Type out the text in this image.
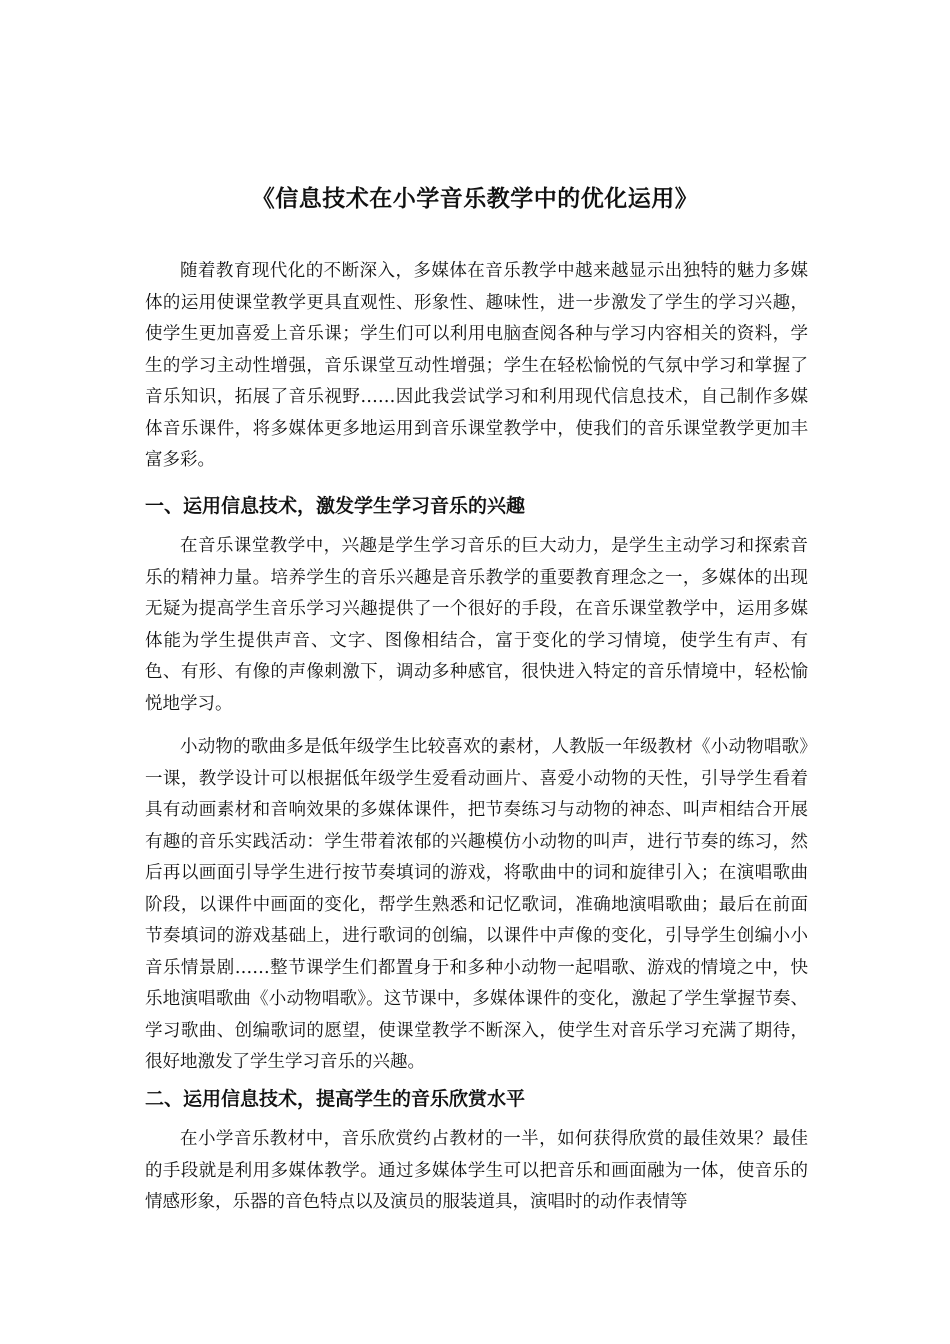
《信息技术在小学音乐教学中的优化运用》

随着教育现代化的不断深入，多媒体在音乐教学中越来越显示出独特的魅力多媒体的运用使课堂教学更具直观性、形象性、趣味性，进一步激发了学生的学习兴趣，使学生更加喜爱上音乐课；学生们可以利用电脑查阅各种与学习内容相关的资料，学生的学习主动性增强，音乐课堂互动性增强；学生在轻松愉悦的气氛中学习和掌握了音乐知识，拓展了音乐视野……因此我尝试学习和利用现代信息技术，自己制作多媒体音乐课件，将多媒体更多地运用到音乐课堂教学中，使我们的音乐课堂教学更加丰富多彩。

一、运用信息技术，激发学生学习音乐的兴趣

在音乐课堂教学中，兴趣是学生学习音乐的巨大动力，是学生主动学习和探索音乐的精神力量。培养学生的音乐兴趣是音乐教学的重要教育理念之一，多媒体的出现无疑为提高学生音乐学习兴趣提供了一个很好的手段，在音乐课堂教学中，运用多媒体能为学生提供声音、文字、图像相结合，富于变化的学习情境，使学生有声、有色、有形、有像的声像刺激下，调动多种感官，很快进入特定的音乐情境中，轻松愉悦地学习。

小动物的歌曲多是低年级学生比较喜欢的素材，人教版一年级教材《小动物唱歌》一课，教学设计可以根据低年级学生爱看动画片、喜爱小动物的天性，引导学生看着具有动画素材和音响效果的多媒体课件，把节奏练习与动物的神态、叫声相结合开展有趣的音乐实践活动：学生带着浓郁的兴趣模仿小动物的叫声，进行节奏的练习，然后再以画面引导学生进行按节奏填词的游戏，将歌曲中的词和旋律引入；在演唱歌曲阶段，以课件中画面的变化，帮学生熟悉和记忆歌词，准确地演唱歌曲；最后在前面节奏填词的游戏基础上，进行歌词的创编，以课件中声像的变化，引导学生创编小小音乐情景剧……整节课学生们都置身于和多种小动物一起唱歌、游戏的情境之中，快乐地演唱歌曲《小动物唱歌》。这节课中，多媒体课件的变化，激起了学生掌握节奏、学习歌曲、创编歌词的愿望，使课堂教学不断深入，使学生对音乐学习充满了期待，很好地激发了学生学习音乐的兴趣。

二、运用信息技术，提高学生的音乐欣赏水平

在小学音乐教材中，音乐欣赏约占教材的一半，如何获得欣赏的最佳效果？最佳的手段就是利用多媒体教学。通过多媒体学生可以把音乐和画面融为一体，使音乐的情感形象，乐器的音色特点以及演员的服装道具，演唱时的动作表情等
